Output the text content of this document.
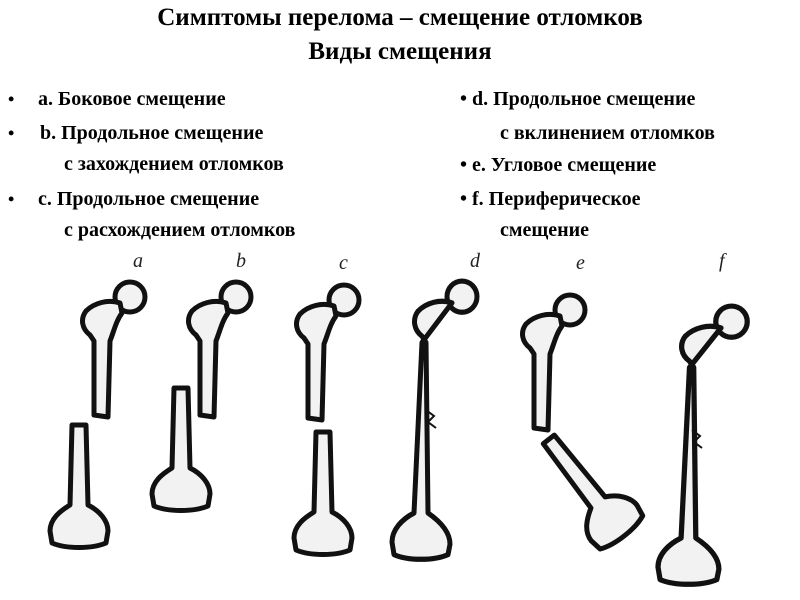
Симптомы перелома – смещение отломков
Виды смещения
• a. Боковое смещение
• b. Продольное смещение
с захождением отломков
• с. Продольное смещение
с расхождением отломков
• d. Продольное смещение
с вклинением отломков
• e. Угловое смещение
• f. Периферическое
смещение
a	b	c	d	e	f
